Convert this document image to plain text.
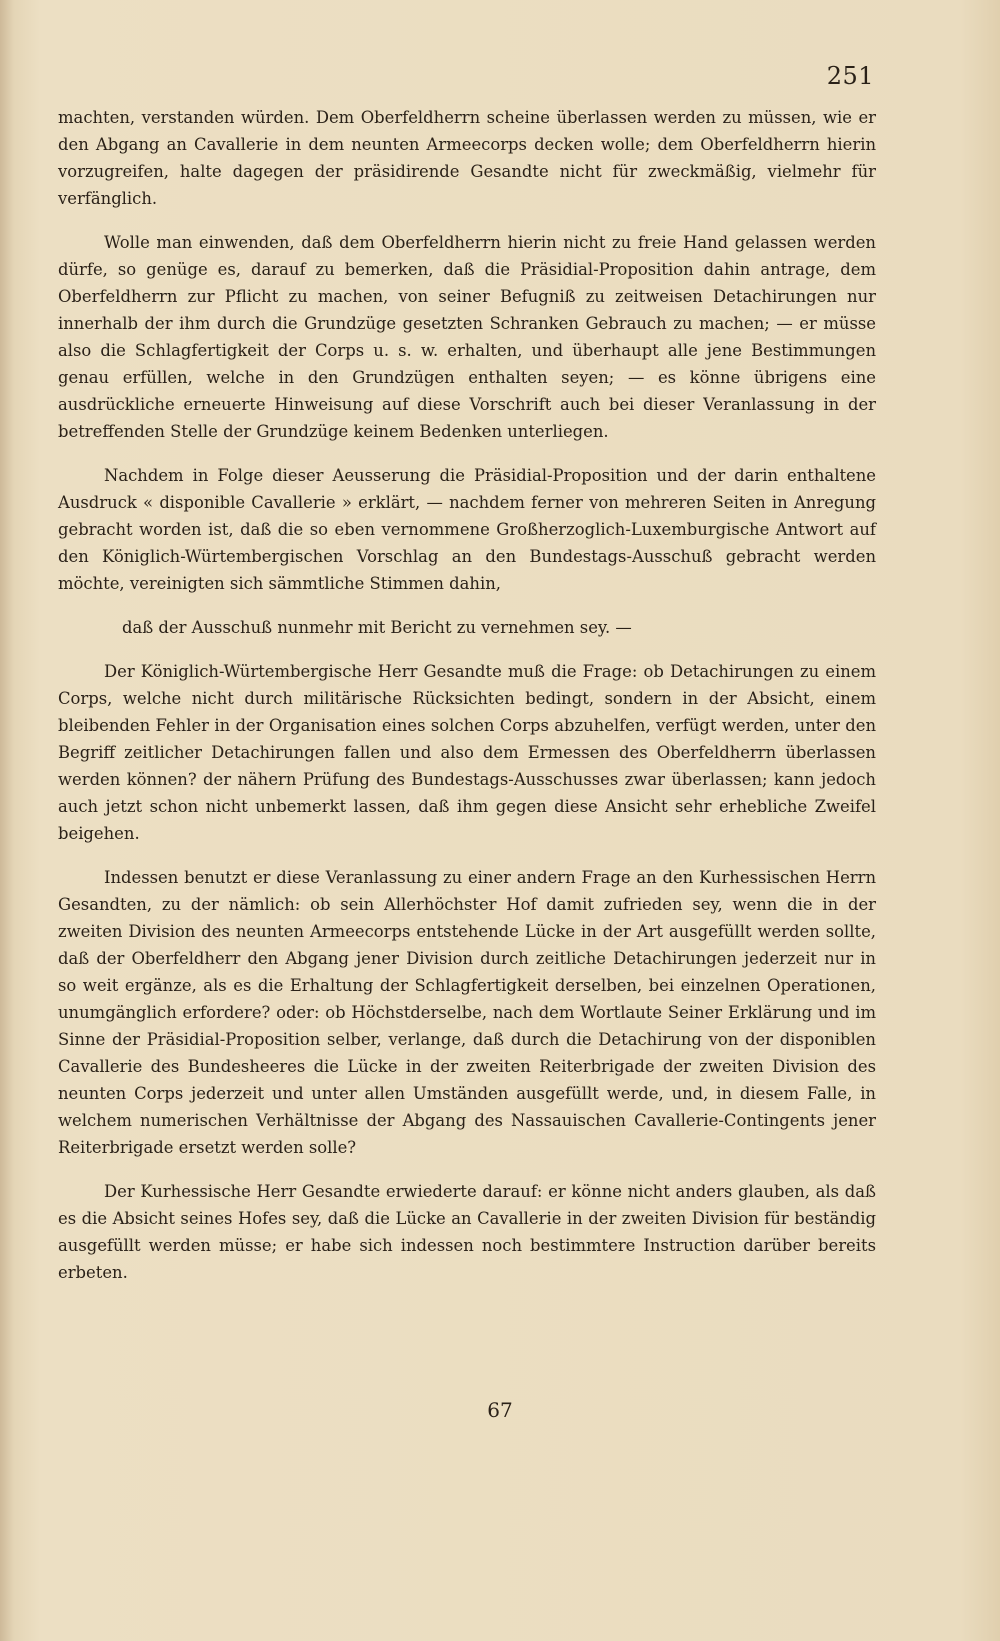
251

machten, verstanden würden. Dem Oberfeldherrn scheine überlassen werden zu müssen, wie er den Abgang an Cavallerie in dem neunten Armeecorps decken wolle; dem Oberfeldherrn hierin vorzugreifen, halte dagegen der präsidirende Gesandte nicht für zweckmäßig, vielmehr für verfänglich.

Wolle man einwenden, daß dem Oberfeldherrn hierin nicht zu freie Hand gelassen werden dürfe, so genüge es, darauf zu bemerken, daß die Präsidial-Proposition dahin antrage, dem Oberfeldherrn zur Pflicht zu machen, von seiner Befugniß zu zeitweisen Detachirungen nur innerhalb der ihm durch die Grundzüge gesetzten Schranken Gebrauch zu machen; — er müsse also die Schlagfertigkeit der Corps u. s. w. erhalten, und überhaupt alle jene Bestimmungen genau erfüllen, welche in den Grundzügen enthalten seyen; — es könne übrigens eine ausdrückliche erneuerte Hinweisung auf diese Vorschrift auch bei dieser Veranlassung in der betreffenden Stelle der Grundzüge keinem Bedenken unterliegen.

Nachdem in Folge dieser Aeusserung die Präsidial-Proposition und der darin enthaltene Ausdruck « disponible Cavallerie » erklärt, — nachdem ferner von mehreren Seiten in Anregung gebracht worden ist, daß die so eben vernommene Großherzoglich-Luxemburgische Antwort auf den Königlich-Würtembergischen Vorschlag an den Bundestags-Ausschuß gebracht werden möchte, vereinigten sich sämmtliche Stimmen dahin,

daß der Ausschuß nunmehr mit Bericht zu vernehmen sey. —

Der Königlich-Würtembergische Herr Gesandte muß die Frage: ob Detachirungen zu einem Corps, welche nicht durch militärische Rücksichten bedingt, sondern in der Absicht, einem bleibenden Fehler in der Organisation eines solchen Corps abzuhelfen, verfügt werden, unter den Begriff zeitlicher Detachirungen fallen und also dem Ermessen des Oberfeldherrn überlassen werden können? der nähern Prüfung des Bundestags-Ausschusses zwar überlassen; kann jedoch auch jetzt schon nicht unbemerkt lassen, daß ihm gegen diese Ansicht sehr erhebliche Zweifel beigehen.

Indessen benutzt er diese Veranlassung zu einer andern Frage an den Kurhessischen Herrn Gesandten, zu der nämlich: ob sein Allerhöchster Hof damit zufrieden sey, wenn die in der zweiten Division des neunten Armeecorps entstehende Lücke in der Art ausgefüllt werden sollte, daß der Oberfeldherr den Abgang jener Division durch zeitliche Detachirungen jederzeit nur in so weit ergänze, als es die Erhaltung der Schlagfertigkeit derselben, bei einzelnen Operationen, unumgänglich erfordere? oder: ob Höchstderselbe, nach dem Wortlaute Seiner Erklärung und im Sinne der Präsidial-Proposition selber, verlange, daß durch die Detachirung von der disponiblen Cavallerie des Bundesheeres die Lücke in der zweiten Reiterbrigade der zweiten Division des neunten Corps jederzeit und unter allen Umständen ausgefüllt werde, und, in diesem Falle, in welchem numerischen Verhältnisse der Abgang des Nassauischen Cavallerie-Contingents jener Reiterbrigade ersetzt werden solle?

Der Kurhessische Herr Gesandte erwiederte darauf: er könne nicht anders glauben, als daß es die Absicht seines Hofes sey, daß die Lücke an Cavallerie in der zweiten Division für beständig ausgefüllt werden müsse; er habe sich indessen noch bestimmtere Instruction darüber bereits erbeten.

67
